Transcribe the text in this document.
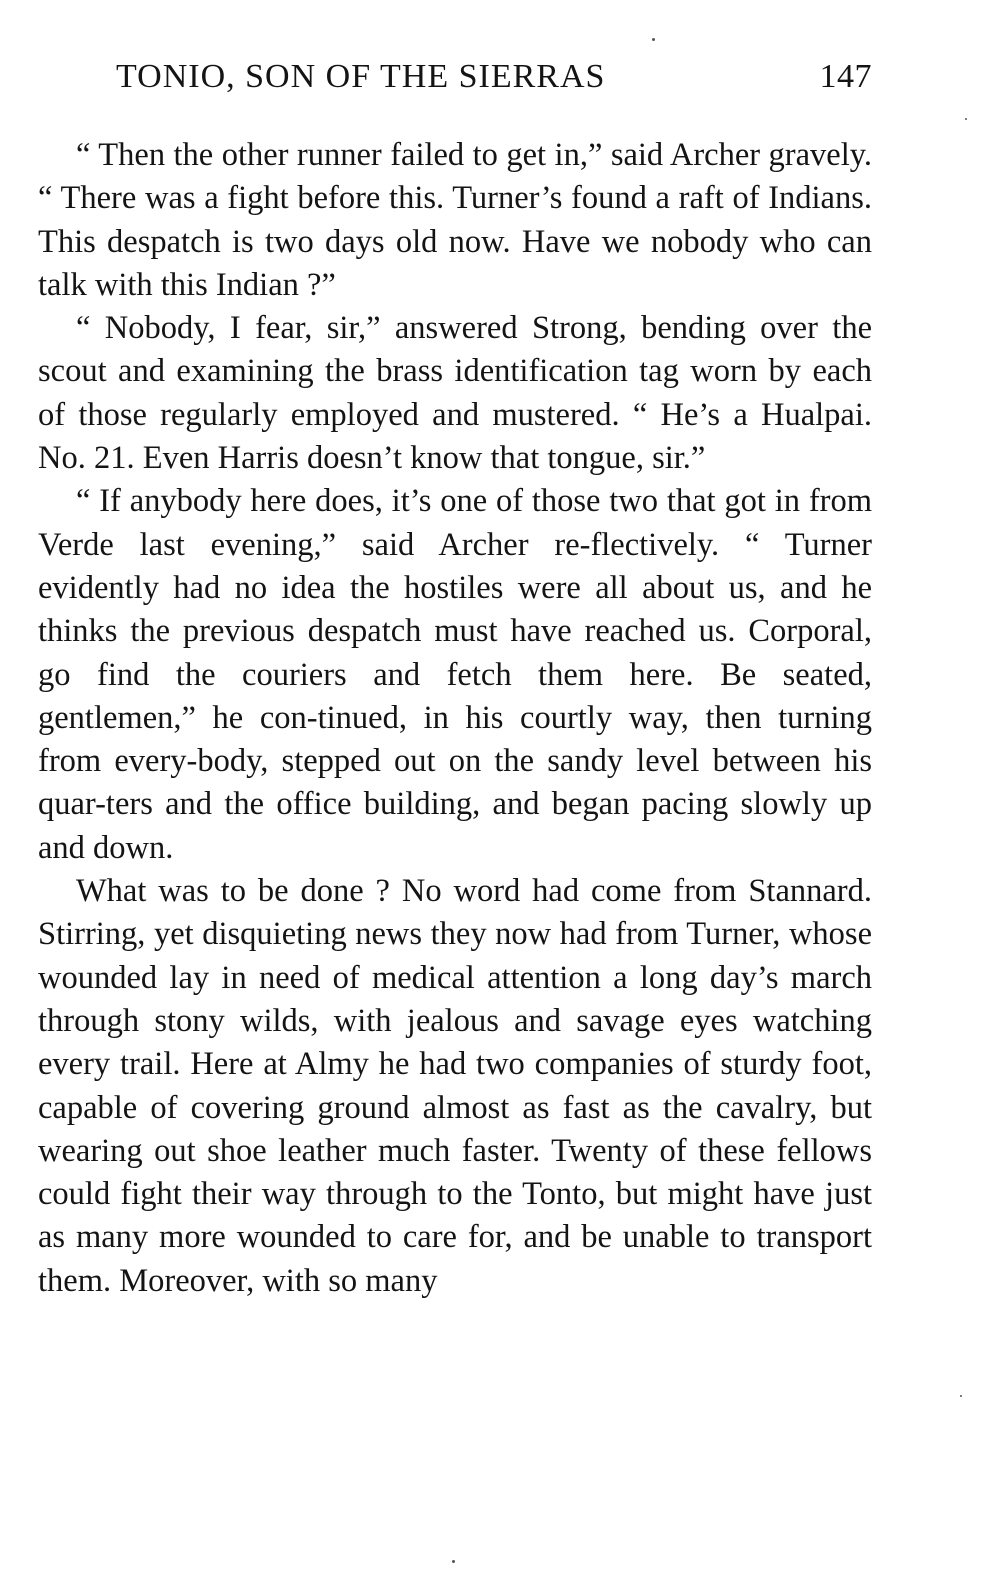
TONIO, SON OF THE SIERRAS	147

“ Then the other runner failed to get in,” said Archer gravely. “ There was a fight before this. Turner’s found a raft of Indians. This despatch is two days old now. Have we nobody who can talk with this Indian ?”

“ Nobody, I fear, sir,” answered Strong, bending over the scout and examining the brass identification tag worn by each of those regularly employed and mustered. “ He’s a Hualpai. No. 21. Even Harris doesn’t know that tongue, sir.”

“ If anybody here does, it’s one of those two that got in from Verde last evening,” said Archer re-flectively. “ Turner evidently had no idea the hostiles were all about us, and he thinks the previous despatch must have reached us. Corporal, go find the couriers and fetch them here. Be seated, gentlemen,” he con-tinued, in his courtly way, then turning from every-body, stepped out on the sandy level between his quar-ters and the office building, and began pacing slowly up and down.

What was to be done ? No word had come from Stannard. Stirring, yet disquieting news they now had from Turner, whose wounded lay in need of medical attention a long day’s march through stony wilds, with jealous and savage eyes watching every trail. Here at Almy he had two companies of sturdy foot, capable of covering ground almost as fast as the cavalry, but wearing out shoe leather much faster. Twenty of these fellows could fight their way through to the Tonto, but might have just as many more wounded to care for, and be unable to transport them. Moreover, with so many
